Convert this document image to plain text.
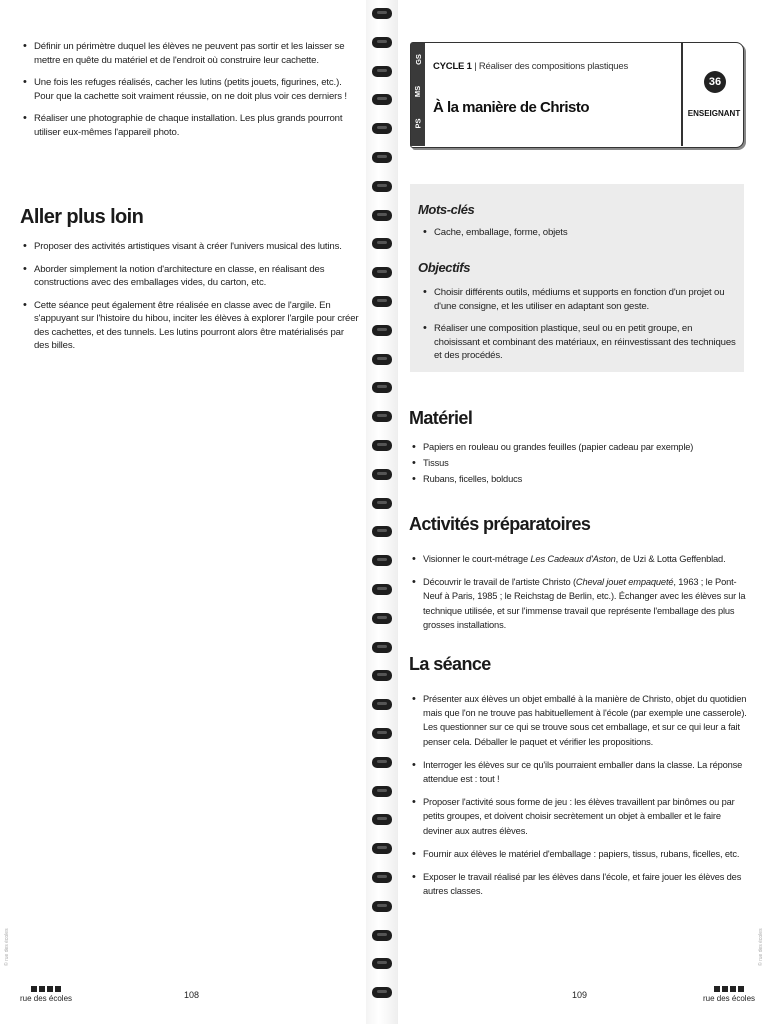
• Définir un périmètre duquel les élèves ne peuvent pas sortir et les laisser se mettre en quête du matériel et de l'endroit où construire leur cachette.
• Une fois les refuges réalisés, cacher les lutins (petits jouets, figurines, etc.). Pour que la cachette soit vraiment réussie, on ne doit plus voir ces derniers !
• Réaliser une photographie de chaque installation. Les plus grands pourront utiliser eux-mêmes l'appareil photo.
Aller plus loin
• Proposer des activités artistiques visant à créer l'univers musical des lutins.
• Aborder simplement la notion d'architecture en classe, en réalisant des constructions avec des emballages vides, du carton, etc.
• Cette séance peut également être réalisée en classe avec de l'argile. En s'appuyant sur l'histoire du hibou, inciter les élèves à explorer l'argile pour créer des cachettes, et des tunnels. Les lutins pourront alors être matérialisés par des billes.
© rue des écoles
rue des écoles	108
GS
MS
PS
CYCLE 1 | Réaliser des compositions plastiques
À la manière de Christo
36
ENSEIGNANT
Mots-clés
• Cache, emballage, forme, objets
Objectifs
• Choisir différents outils, médiums et supports en fonction d'un projet ou d'une consigne, et les utiliser en adaptant son geste.
• Réaliser une composition plastique, seul ou en petit groupe, en choisissant et combinant des matériaux, en réinvestissant des techniques et des procédés.
Matériel
• Papiers en rouleau ou grandes feuilles (papier cadeau par exemple)
• Tissus
• Rubans, ficelles, bolducs
Activités préparatoires
• Visionner le court-métrage Les Cadeaux d'Aston, de Uzi & Lotta Geffenblad.
• Découvrir le travail de l'artiste Christo (Cheval jouet empaqueté, 1963 ; le Pont-Neuf à Paris, 1985 ; le Reichstag de Berlin, etc.). Échanger avec les élèves sur la technique utilisée, et sur l'immense travail que représente l'emballage des plus grosses installations.
La séance
• Présenter aux élèves un objet emballé à la manière de Christo, objet du quotidien mais que l'on ne trouve pas habituellement à l'école (par exemple une casserole).
Les questionner sur ce qui se trouve sous cet emballage, et sur ce qui leur a fait penser cela. Déballer le paquet et vérifier les propositions.
• Interroger les élèves sur ce qu'ils pourraient emballer dans la classe. La réponse attendue est : tout !
• Proposer l'activité sous forme de jeu : les élèves travaillent par binômes ou par petits groupes, et doivent choisir secrètement un objet à emballer et le faire deviner aux autres élèves.
• Fournir aux élèves le matériel d'emballage : papiers, tissus, rubans, ficelles, etc.
• Exposer le travail réalisé par les élèves dans l'école, et faire jouer les élèves des autres classes.
109	rue des écoles
© rue des écoles
